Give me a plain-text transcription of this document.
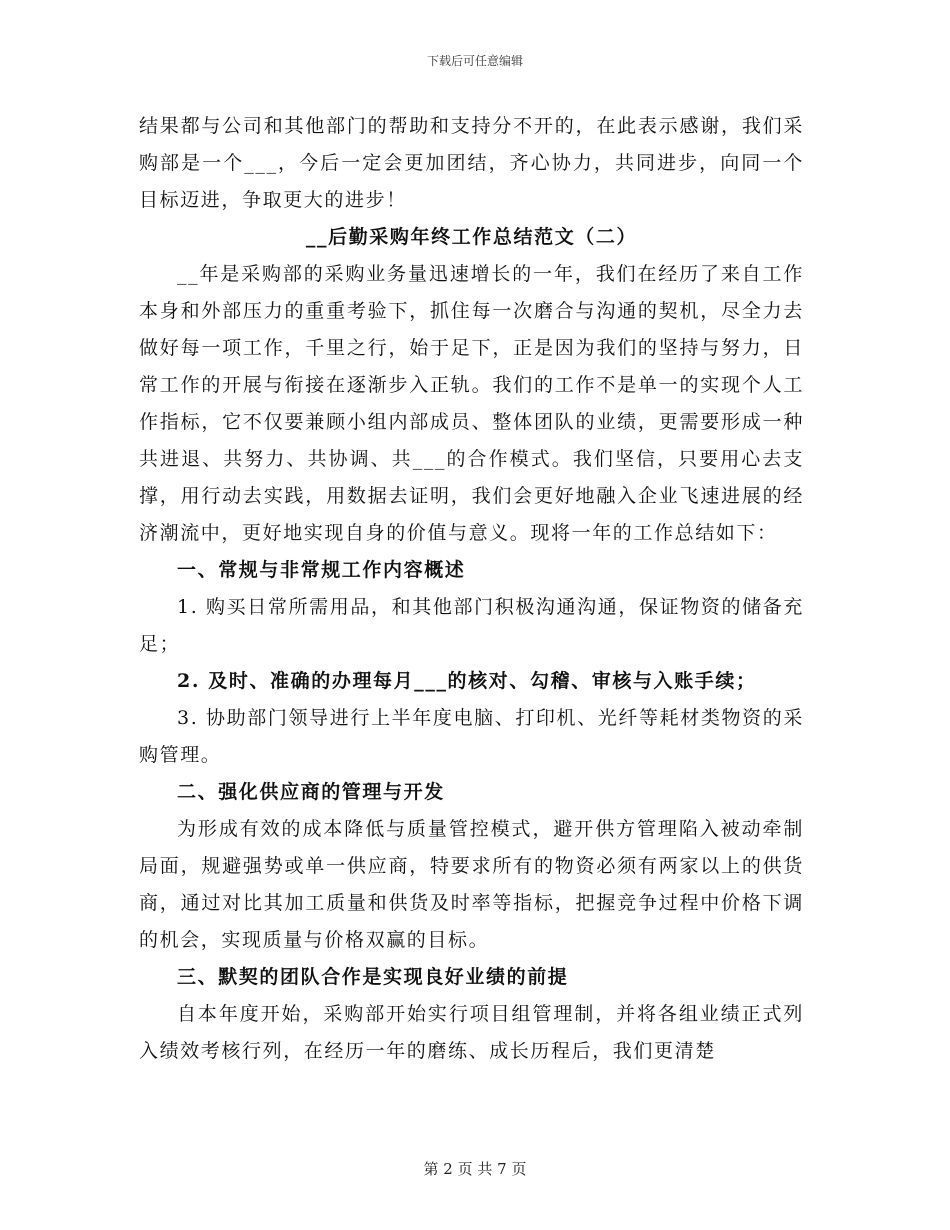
下载后可任意编辑

结果都与公司和其他部门的帮助和支持分不开的，在此表示感谢，我们采购部是一个___，今后一定会更加团结，齐心协力，共同进步，向同一个目标迈进，争取更大的进步！

__后勤采购年终工作总结范文（二）

__年是采购部的采购业务量迅速增长的一年，我们在经历了来自工作本身和外部压力的重重考验下，抓住每一次磨合与沟通的契机，尽全力去做好每一项工作，千里之行，始于足下，正是因为我们的坚持与努力，日常工作的开展与衔接在逐渐步入正轨。我们的工作不是单一的实现个人工作指标，它不仅要兼顾小组内部成员、整体团队的业绩，更需要形成一种共进退、共努力、共协调、共___的合作模式。我们坚信，只要用心去支撑，用行动去实践，用数据去证明，我们会更好地融入企业飞速进展的经济潮流中，更好地实现自身的价值与意义。现将一年的工作总结如下：

一、常规与非常规工作内容概述

1. 购买日常所需用品，和其他部门积极沟通沟通，保证物资的储备充足；

2. 及时、准确的办理每月___的核对、勾稽、审核与入账手续；

3. 协助部门领导进行上半年度电脑、打印机、光纤等耗材类物资的采购管理。

二、强化供应商的管理与开发

为形成有效的成本降低与质量管控模式，避开供方管理陷入被动牵制局面，规避强势或单一供应商，特要求所有的物资必须有两家以上的供货商，通过对比其加工质量和供货及时率等指标，把握竞争过程中价格下调的机会，实现质量与价格双赢的目标。

三、默契的团队合作是实现良好业绩的前提

自本年度开始，采购部开始实行项目组管理制，并将各组业绩正式列入绩效考核行列，在经历一年的磨练、成长历程后，我们更清楚

第 2 页 共 7 页
